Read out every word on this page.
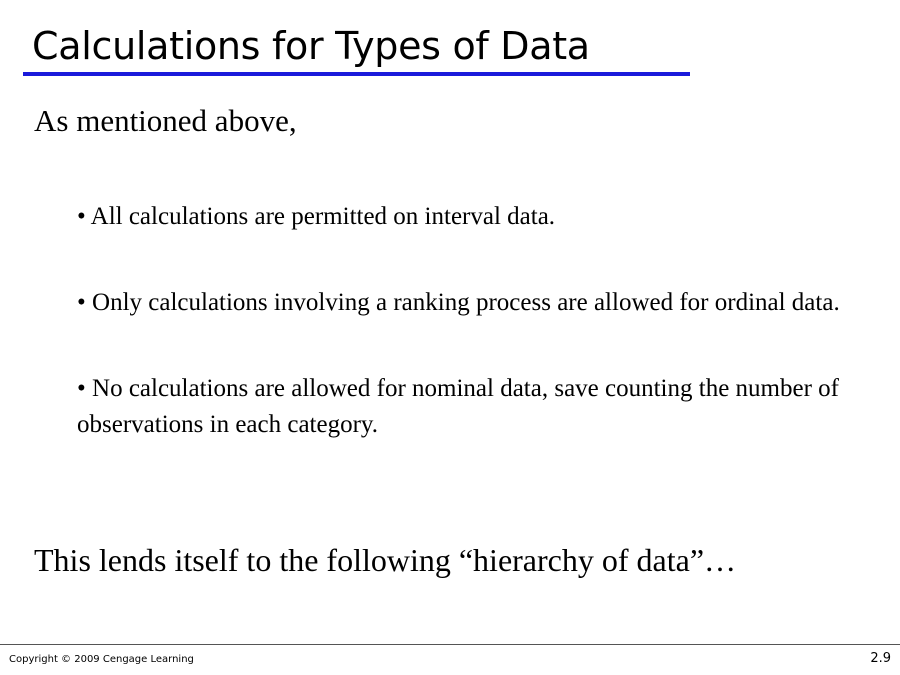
Calculations for Types of Data

As mentioned above,

• All calculations are permitted on interval data.
• Only calculations involving a ranking process are allowed for ordinal data.
• No calculations are allowed for nominal data, save counting the number of observations in each category.

This lends itself to the following “hierarchy of data”…

Copyright © 2009 Cengage Learning	2.9
